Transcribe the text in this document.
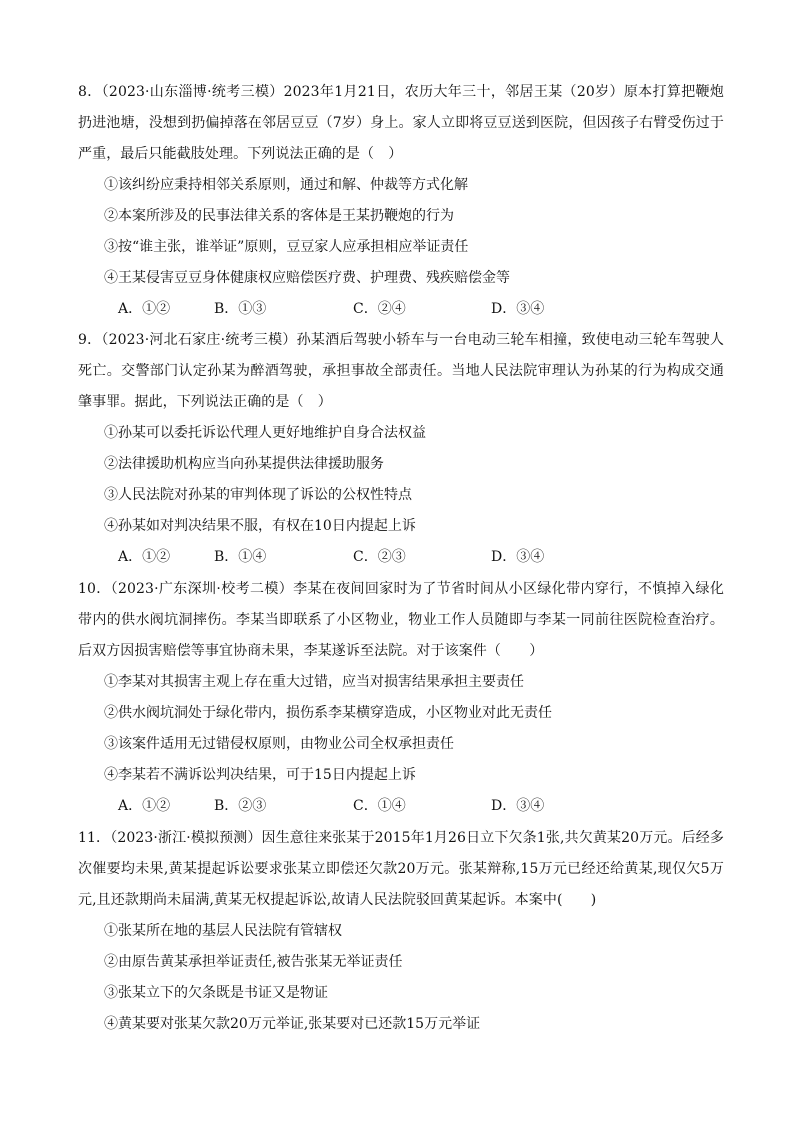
8．（2023·山东淄博·统考三模）2023年1月21日，农历大年三十，邻居王某（20岁）原本打算把鞭炮扔进池塘，没想到扔偏掉落在邻居豆豆（7岁）身上。家人立即将豆豆送到医院，但因孩子右臂受伤过于严重，最后只能截肢处理。下列说法正确的是（　）

①该纠纷应秉持相邻关系原则，通过和解、仲裁等方式化解

②本案所涉及的民事法律关系的客体是王某扔鞭炮的行为

③按“谁主张，谁举证”原则，豆豆家人应承担相应举证责任

④王某侵害豆豆身体健康权应赔偿医疗费、护理费、残疾赔偿金等

A．①②	B．①③	C．②④	D．③④

9．（2023·河北石家庄·统考三模）孙某酒后驾驶小轿车与一台电动三轮车相撞，致使电动三轮车驾驶人死亡。交警部门认定孙某为醉酒驾驶，承担事故全部责任。当地人民法院审理认为孙某的行为构成交通肇事罪。据此，下列说法正确的是（　）

①孙某可以委托诉讼代理人更好地维护自身合法权益

②法律援助机构应当向孙某提供法律援助服务

③人民法院对孙某的审判体现了诉讼的公权性特点

④孙某如对判决结果不服，有权在10日内提起上诉

A．①②	B．①④	C．②③	D．③④

10．（2023·广东深圳·校考二模）李某在夜间回家时为了节省时间从小区绿化带内穿行，不慎掉入绿化带内的供水阀坑洞摔伤。李某当即联系了小区物业，物业工作人员随即与李某一同前往医院检查治疗。后双方因损害赔偿等事宜协商未果，李某遂诉至法院。对于该案件（　　）

①李某对其损害主观上存在重大过错，应当对损害结果承担主要责任

②供水阀坑洞处于绿化带内，损伤系李某横穿造成，小区物业对此无责任

③该案件适用无过错侵权原则，由物业公司全权承担责任

④李某若不满诉讼判决结果，可于15日内提起上诉

A．①②	B．②③	C．①④	D．③④

11．（2023·浙江·模拟预测）因生意往来张某于2015年1月26日立下欠条1张,共欠黄某20万元。后经多次催要均未果,黄某提起诉讼要求张某立即偿还欠款20万元。张某辩称,15万元已经还给黄某,现仅欠5万元,且还款期尚未届满,黄某无权提起诉讼,故请人民法院驳回黄某起诉。本案中(　　)

①张某所在地的基层人民法院有管辖权

②由原告黄某承担举证责任,被告张某无举证责任

③张某立下的欠条既是书证又是物证

④黄某要对张某欠款20万元举证,张某要对已还款15万元举证
